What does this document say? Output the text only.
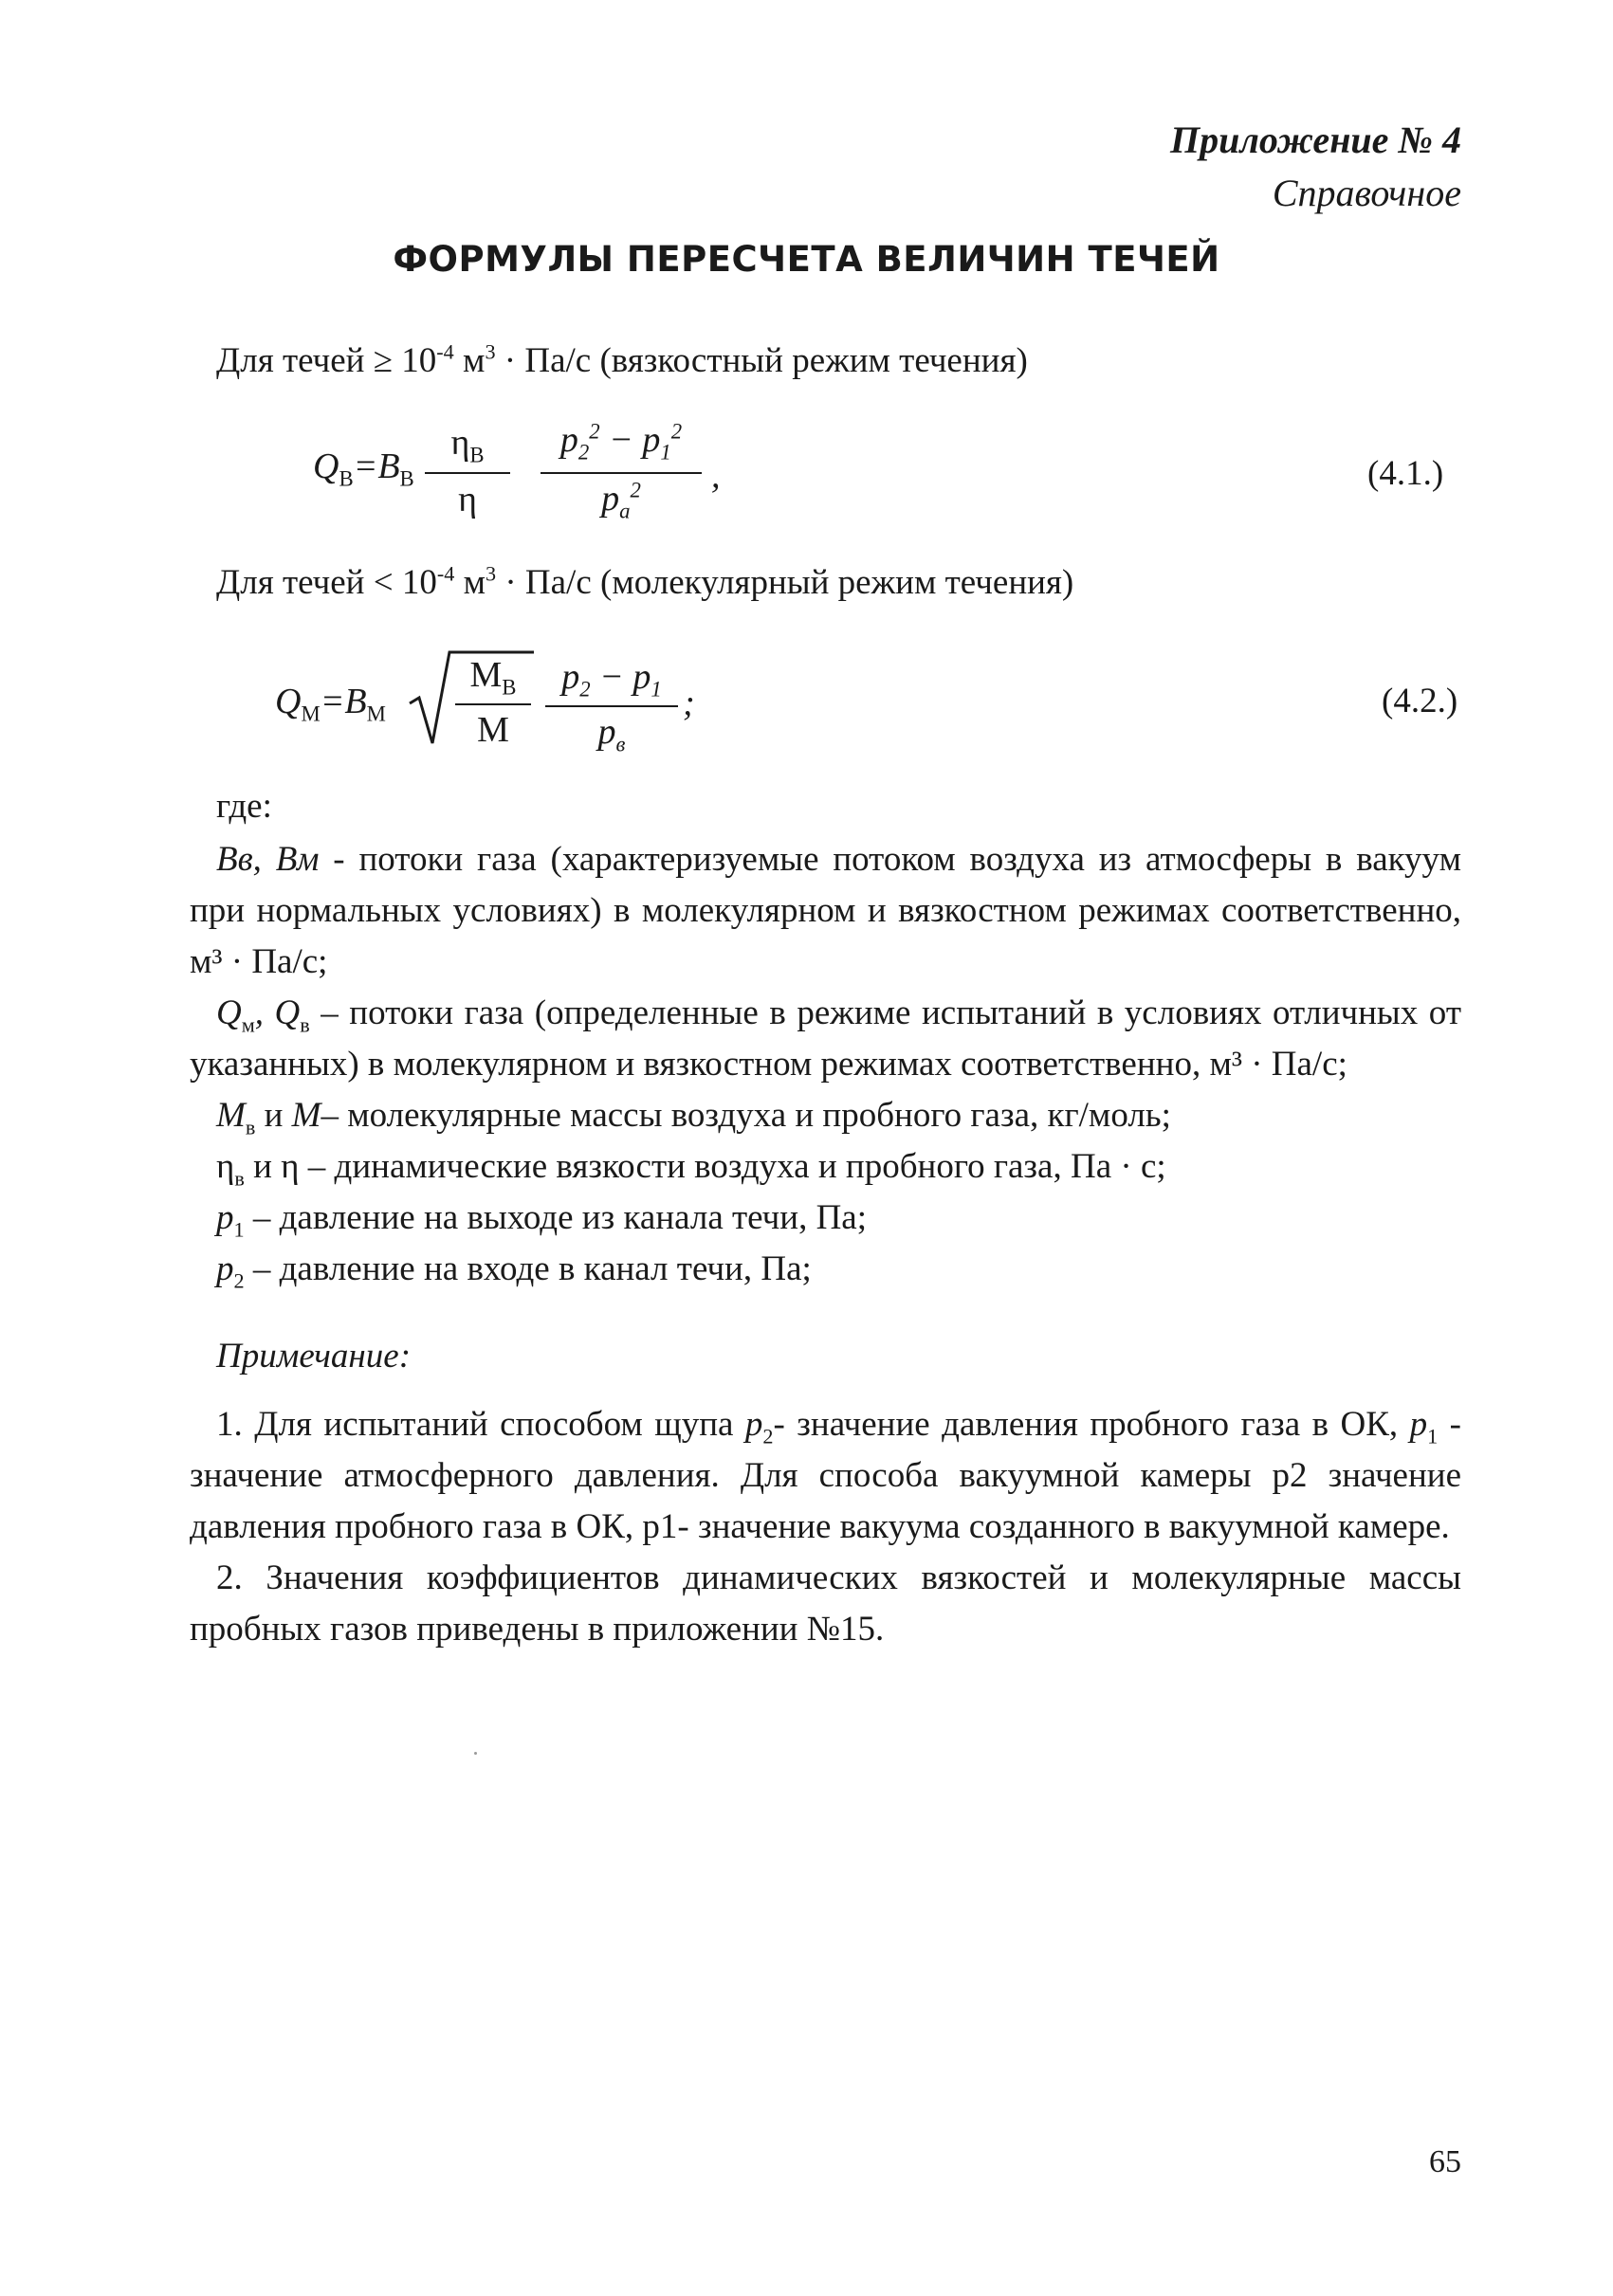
Приложение № 4
Справочное
ФОРМУЛЫ ПЕРЕСЧЕТА ВЕЛИЧИН ТЕЧЕЙ
Для течей ≥ $10^{-4}$ $м^3 \cdot Па/с$ (вязкостный режим течения)
$Q_В=B_В$
$\eta_В$
η
$p_2^2 - p_1^2$
$p_a^2$	,	(4.1.)
Для течей < $10^{-4}$ $м^3 \cdot Па/с$ (молекулярный режим течения)
$Q_М=B_М$
$M_В$
M
$p_2 - p_1$
$p_в$
;	(4.2.)
где:
Вв, Вм - потоки газа (характеризуемые потоком воздуха из атмосферы в вакуум при нормальных условиях) в молекулярном и вязкостном режимах соответственно, м³ · Па/с;
$Q_м$, $Q_в$ – потоки газа (определенные в режиме испытаний в условиях отличных от указанных) в молекулярном и вязкостном режимах соответственно, м³ · Па/с;
$M_в$ и M– молекулярные массы воздуха и пробного газа, кг/моль;
$\eta_в$ и η – динамические вязкости воздуха и пробного газа, Па · с;
$p_1$ – давление на выходе из канала течи, Па;
$p_2$ – давление на входе в канал течи, Па;
Примечание:
1. Для испытаний способом щупа $p_2-$ значение давления пробного газа в ОК, $p_1$ - значение атмосферного давления. Для способа вакуумной камеры р2 значение давления пробного газа в ОК, р1- значение вакуума созданного в вакуумной камере.
2. Значения коэффициентов динамических вязкостей и молекулярные массы пробных газов приведены в приложении №15.
65
